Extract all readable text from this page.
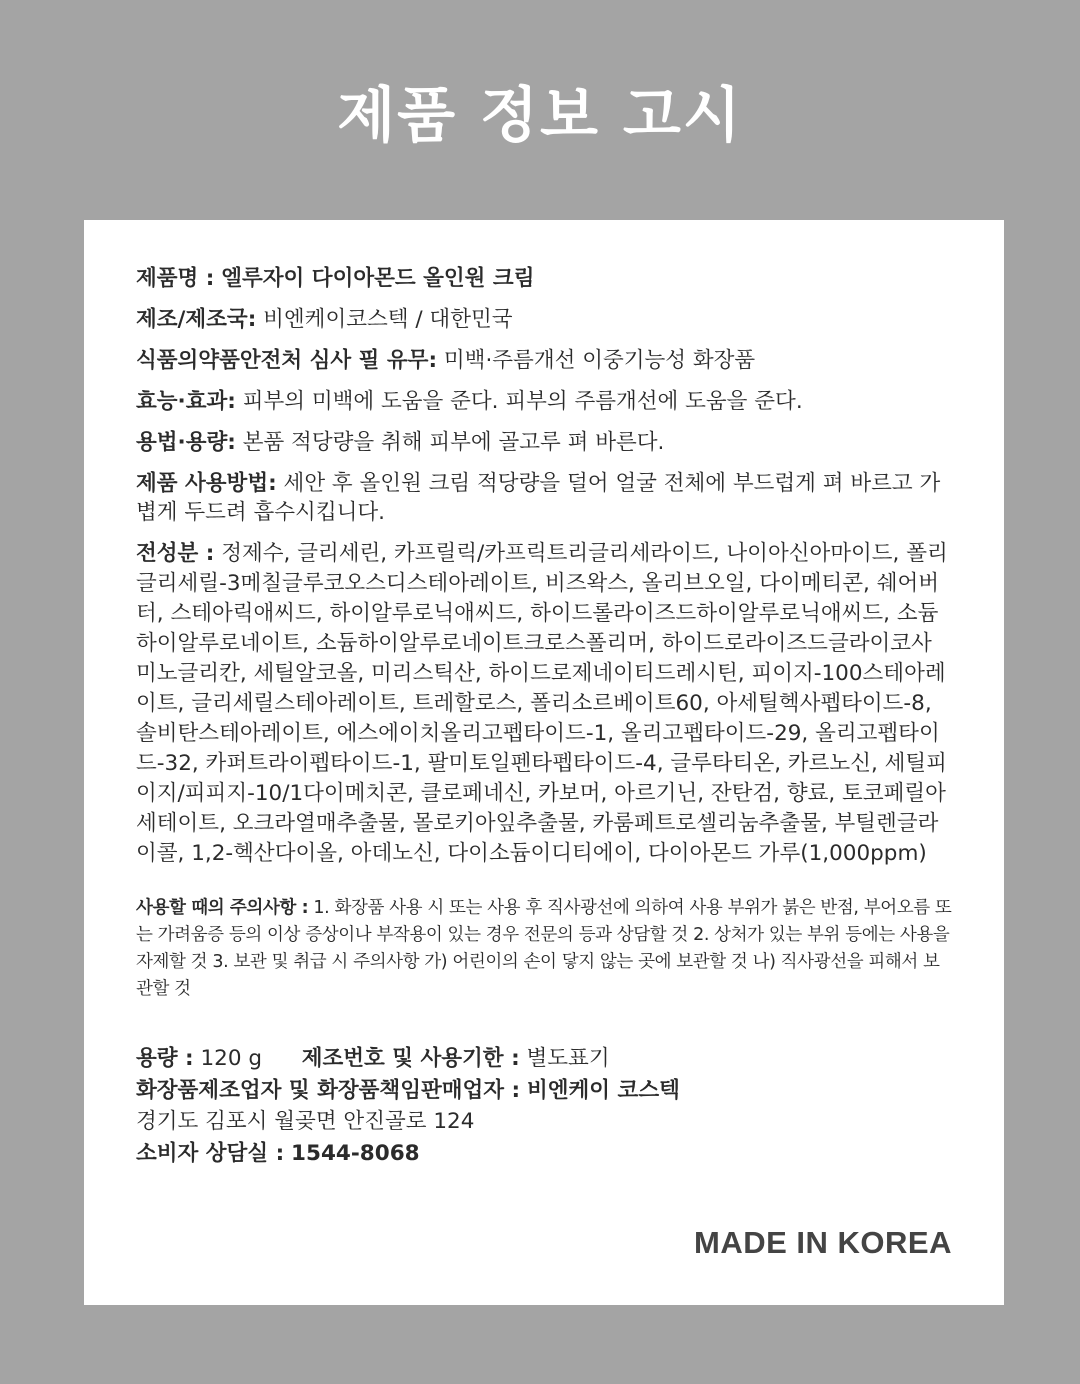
제품 정보 고시

제품명 : 엘루자이 다이아몬드 올인원 크림

제조/제조국: 비엔케이코스텍 / 대한민국

식품의약품안전처 심사 필 유무: 미백·주름개선 이중기능성 화장품

효능·효과: 피부의 미백에 도움을 준다. 피부의 주름개선에 도움을 준다.

용법·용량: 본품 적당량을 취해 피부에 골고루 펴 바른다.

제품 사용방법: 세안 후 올인원 크림 적당량을 덜어 얼굴 전체에 부드럽게 펴 바르고 가볍게 두드려 흡수시킵니다.

전성분 : 정제수, 글리세린, 카프릴릭/카프릭트리글리세라이드, 나이아신아마이드, 폴리글리세릴-3메칠글루코오스디스테아레이트, 비즈왁스, 올리브오일, 다이메티콘, 쉐어버터, 스테아릭애씨드, 하이알루로닉애씨드, 하이드롤라이즈드하이알루로닉애씨드, 소듐하이알루로네이트, 소듐하이알루로네이트크로스폴리머, 하이드로라이즈드글라이코사미노글리칸, 세틸알코올, 미리스틱산, 하이드로제네이티드레시틴, 피이지-100스테아레이트, 글리세릴스테아레이트, 트레할로스, 폴리소르베이트60, 아세틸헥사펩타이드-8, 솔비탄스테아레이트, 에스에이치올리고펩타이드-1, 올리고펩타이드-29, 올리고펩타이드-32, 카퍼트라이펩타이드-1, 팔미토일펜타펩타이드-4, 글루타티온, 카르노신, 세틸피이지/피피지-10/1다이메치콘, 클로페네신, 카보머, 아르기닌, 잔탄검, 향료, 토코페릴아세테이트, 오크라열매추출물, 몰로키아잎추출물, 카룸페트로셀리눔추출물, 부틸렌글라이콜, 1,2-헥산다이올, 아데노신, 다이소듐이디티에이, 다이아몬드 가루(1,000ppm)

사용할 때의 주의사항 : 1. 화장품 사용 시 또는 사용 후 직사광선에 의하여 사용 부위가 붉은 반점, 부어오름 또는 가려움증 등의 이상 증상이나 부작용이 있는 경우 전문의 등과 상담할 것 2. 상처가 있는 부위 등에는 사용을 자제할 것 3. 보관 및 취급 시 주의사항 가) 어린이의 손이 닿지 않는 곳에 보관할 것 나) 직사광선을 피해서 보관할 것

용량 : 120 g 제조번호 및 사용기한 : 별도표기

화장품제조업자 및 화장품책임판매업자 : 비엔케이 코스텍

경기도 김포시 월곶면 안진골로 124

소비자 상담실 : 1544-8068

MADE IN KOREA
